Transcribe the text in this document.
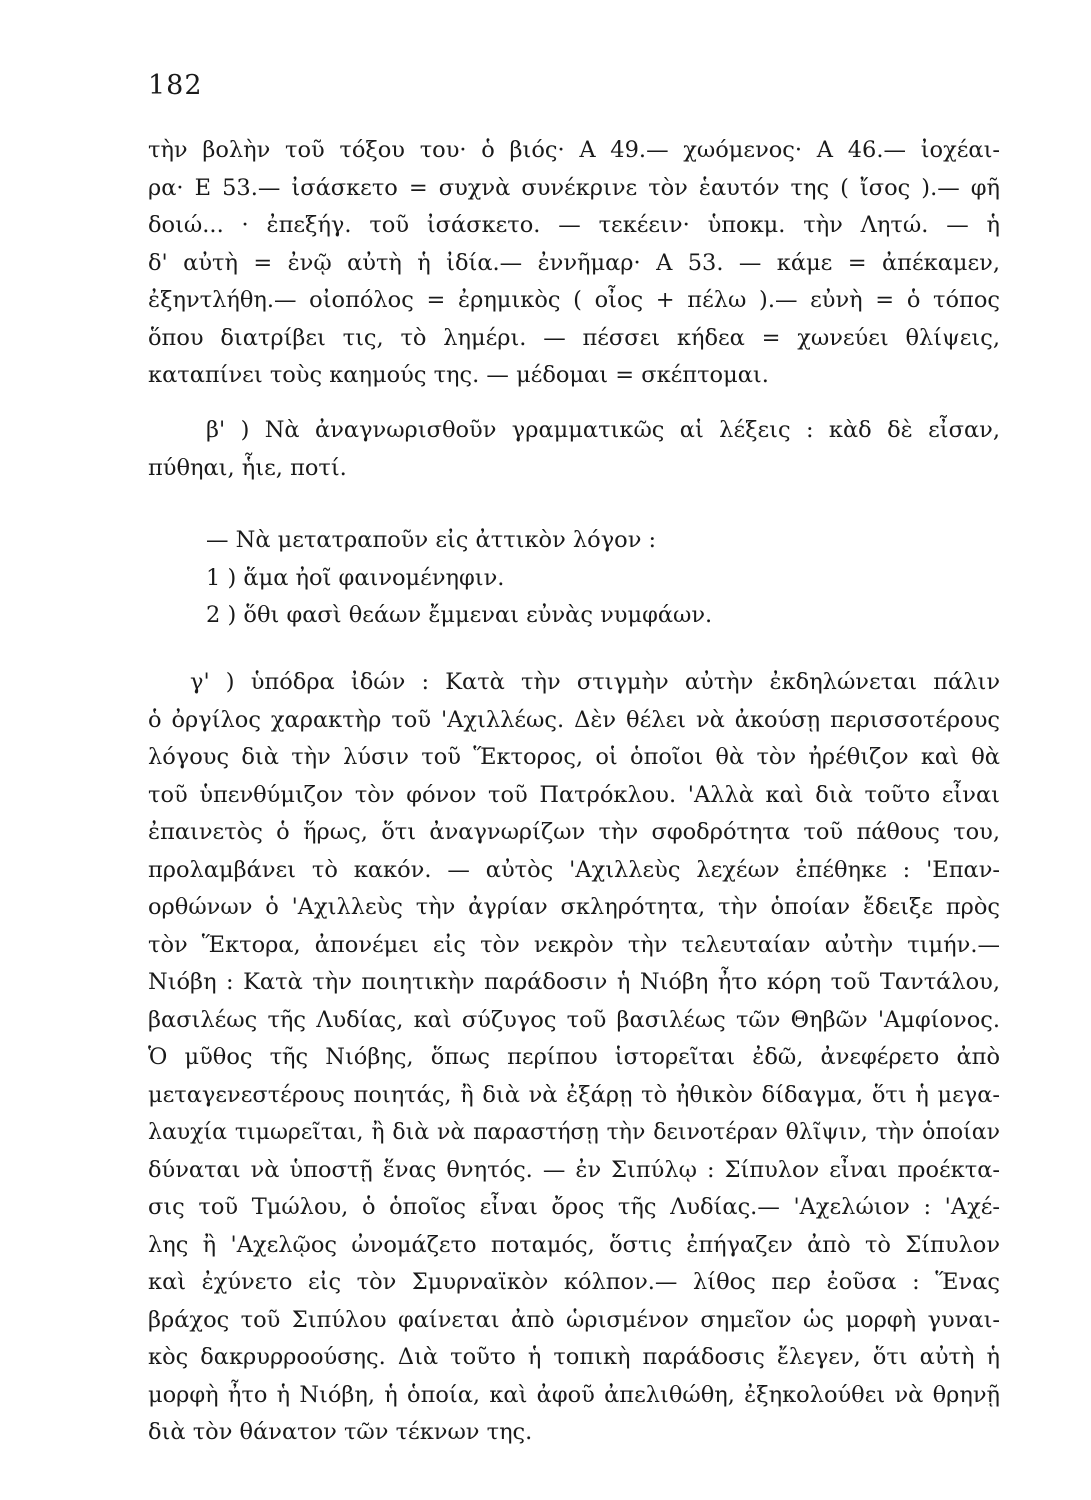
182
τὴν βολὴν τοῦ τόξου του· ὁ βιός· Α 49.— χωόμενος· Α 46.— ἰοχέαι-
ρα· Ε 53.— ἰσάσκετο = συχνὰ συνέκρινε τὸν ἑαυτόν της ( ἴσος ).— φῆ
δοιώ... · ἐπεξήγ. τοῦ ἰσάσκετο. — τεκέειν· ὑποκμ. τὴν Λητώ. — ἡ
δ' αὐτὴ = ἐνῷ αὐτὴ ἡ ἰδία.— ἐννῆμαρ· Α 53. — κάμε = ἀπέκαμεν,
ἐξηντλήθη.— οἰοπόλος = ἐρημικὸς ( οἶος + πέλω ).— εὐνὴ = ὁ τόπος
ὅπου διατρίβει τις, τὸ λημέρι. — πέσσει κήδεα = χωνεύει θλίψεις,
καταπίνει τοὺς καημούς της. — μέδομαι = σκέπτομαι.
β' ) Νὰ ἀναγνωρισθοῦν γραμματικῶς αἱ λέξεις : κὰδ δὲ εἶσαν,
πύθηαι, ἧιε, ποτί.
— Νὰ μετατραποῦν εἰς ἀττικὸν λόγον :
1 ) ἅμα ἠοῖ φαινομένηφιν.
2 ) ὅθι φασὶ θεάων ἔμμεναι εὐνὰς νυμφάων.
γ' ) ὑπόδρα ἰδών : Κατὰ τὴν στιγμὴν αὐτὴν ἐκδηλώνεται πάλιν
ὁ ὀργίλος χαρακτὴρ τοῦ 'Αχιλλέως. Δὲν θέλει νὰ ἀκούσῃ περισσοτέρους
λόγους διὰ τὴν λύσιν τοῦ Ἕκτορος, οἱ ὁποῖοι θὰ τὸν ἠρέθιζον καὶ θὰ
τοῦ ὑπενθύμιζον τὸν φόνον τοῦ Πατρόκλου. 'Αλλὰ καὶ διὰ τοῦτο εἶναι
ἐπαινετὸς ὁ ἥρως, ὅτι ἀναγνωρίζων τὴν σφοδρότητα τοῦ πάθους του,
προλαμβάνει τὸ κακόν. — αὐτὸς 'Αχιλλεὺς λεχέων ἐπέθηκε : 'Επαν-
ορθώνων ὁ 'Αχιλλεὺς τὴν ἀγρίαν σκληρότητα, τὴν ὁποίαν ἔδειξε πρὸς
τὸν Ἕκτορα, ἀπονέμει εἰς τὸν νεκρὸν τὴν τελευταίαν αὐτὴν τιμήν.—
Νιόβη : Κατὰ τὴν ποιητικὴν παράδοσιν ἡ Νιόβη ἦτο κόρη τοῦ Ταντάλου,
βασιλέως τῆς Λυδίας, καὶ σύζυγος τοῦ βασιλέως τῶν Θηβῶν 'Αμφίονος.
Ὁ μῦθος τῆς Νιόβης, ὅπως περίπου ἱστορεῖται ἐδῶ, ἀνεφέρετο ἀπὸ
μεταγενεστέρους ποιητάς, ἢ διὰ νὰ ἐξάρῃ τὸ ἠθικὸν δίδαγμα, ὅτι ἡ μεγα-
λαυχία τιμωρεῖται, ἢ διὰ νὰ παραστήσῃ τὴν δεινοτέραν θλῖψιν, τὴν ὁποίαν
δύναται νὰ ὑποστῇ ἕνας θνητός. — ἐν Σιπύλῳ : Σίπυλον εἶναι προέκτα-
σις τοῦ Τμώλου, ὁ ὁποῖος εἶναι ὄρος τῆς Λυδίας.— 'Αχελώιον : 'Αχέ-
λης ἢ 'Αχελῷος ὠνομάζετο ποταμός, ὅστις ἐπήγαζεν ἀπὸ τὸ Σίπυλον
καὶ ἐχύνετο εἰς τὸν Σμυρναϊκὸν κόλπον.— λίθος περ ἐοῦσα : Ἕνας
βράχος τοῦ Σιπύλου φαίνεται ἀπὸ ὡρισμένον σημεῖον ὡς μορφὴ γυναι-
κὸς δακρυρροούσης. Διὰ τοῦτο ἡ τοπικὴ παράδοσις ἔλεγεν, ὅτι αὐτὴ ἡ
μορφὴ ἦτο ἡ Νιόβη, ἡ ὁποία, καὶ ἀφοῦ ἀπελιθώθη, ἐξηκολούθει νὰ θρηνῇ
διὰ τὸν θάνατον τῶν τέκνων της.
